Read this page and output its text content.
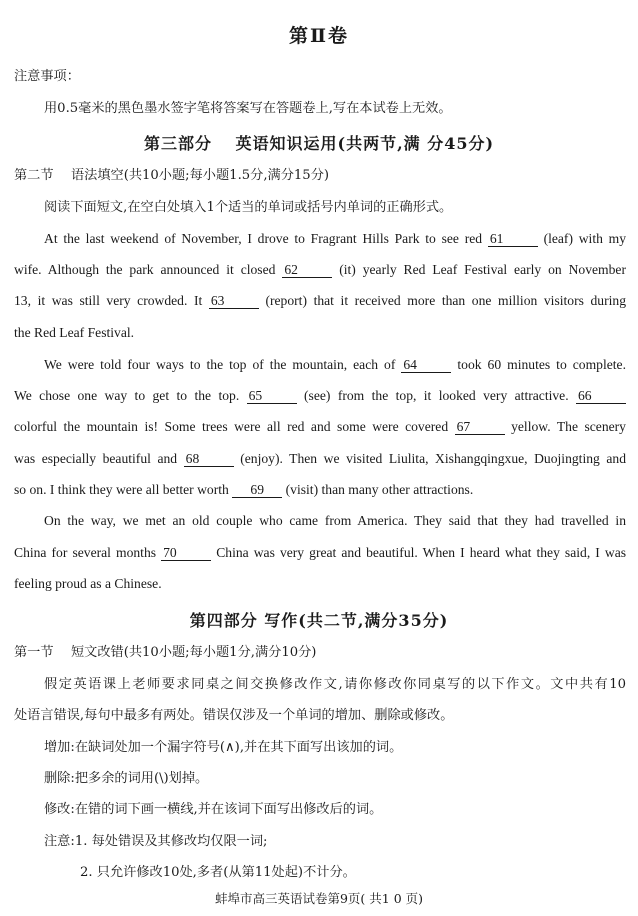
第Ⅱ卷
注意事项：
用0.5毫米的黑色墨水签字笔将答案写在答题卷上,写在本试卷上无效。
第三部分　 英语知识运用(共两节,满 分45分)
第二节　 语法填空(共10小题;每小题1.5分,满分15分)
阅读下面短文,在空白处填入1个适当的单词或括号内单词的正确形式。
At the last weekend of November, I drove to Fragrant Hills Park to see red 61	(leaf) with my
wife. Although the park announced it closed 62	(it) yearly Red Leaf Festival early on November
13, it was still very crowded. It 63	(report) that it received more than one million visitors during
the Red Leaf Festival.
We were told four ways to the top of the mountain, each of 64	took 60 minutes to complete.
We chose one way to get to the top. 65	(see) from the top, it looked very attractive. 66
colorful the mountain is! Some trees were all red and some were covered 67	yellow. The scenery
was especially beautiful and 68	(enjoy). Then we visited Liulita, Xishangqingxue, Duojingting and
so on. I think they were all better worth 69 (visit) than many other attractions.
On the way, we met an old couple who came from America. They said that they had travelled in
China for several months 70	China was very great and beautiful. When I heard what they said, I was
feeling proud as a Chinese.
第四部分 写作(共二节,满分35分)
第一节　 短文改错(共10小题;每小题1分,满分10分)
假定英语课上老师要求同桌之间交换修改作文,请你修改你同桌写的以下作文。文中共有10
处语言错误,每句中最多有两处。错误仅涉及一个单词的增加、删除或修改。
增加:在缺词处加一个漏字符号(∧),并在其下面写出该加的词。
删除:把多余的词用(\)划掉。
修改:在错的词下画一横线,并在该词下面写出修改后的词。
注意:1. 每处错误及其修改均仅限一词;
2. 只允许修改10处,多者(从第11处起)不计分。
蚌埠市高三英语试卷第9页( 共1 0 页)
